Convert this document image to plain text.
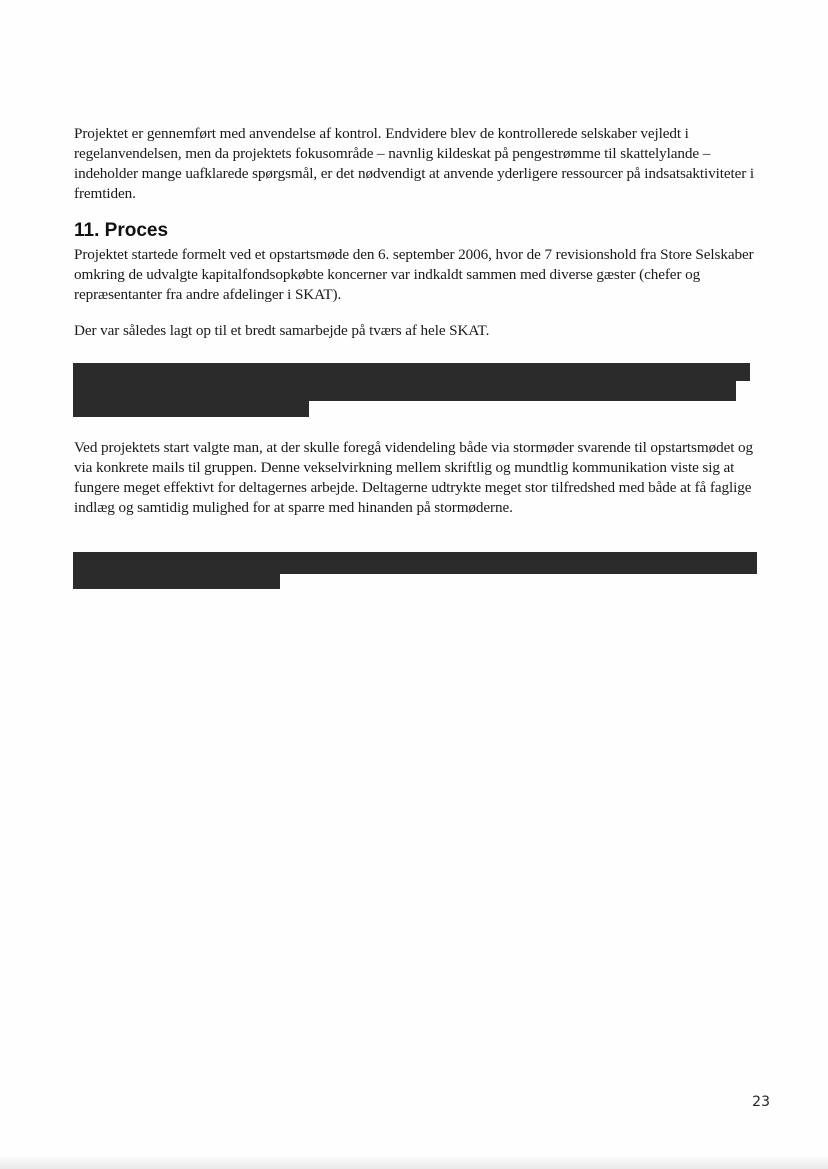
Projektet er gennemført med anvendelse af kontrol. Endvidere blev de kontrollerede selskaber vejledt i regelanvendelsen, men da projektets fokusområde – navnlig kildeskat på pengestrømme til skattelylande – indeholder mange uafklarede spørgsmål, er det nødvendigt at anvende yderligere ressourcer på indsatsaktiviteter i fremtiden.

11. Proces

Projektet startede formelt ved et opstartsmøde den 6. september 2006, hvor de 7 revisionshold fra Store Selskaber omkring de udvalgte kapitalfondsopkøbte koncerner var indkaldt sammen med diverse gæster (chefer og repræsentanter fra andre afdelinger i SKAT).

Der var således lagt op til et bredt samarbejde på tværs af hele SKAT.

Ved projektets start valgte man, at der skulle foregå videndeling både via stormøder svarende til opstartsmødet og via konkrete mails til gruppen. Denne vekselvirkning mellem skriftlig og mundtlig kommunikation viste sig at fungere meget effektivt for deltagernes arbejde. Deltagerne udtrykte meget stor tilfredshed med både at få faglige indlæg og samtidig mulighed for at sparre med hinanden på stormøderne.

23
